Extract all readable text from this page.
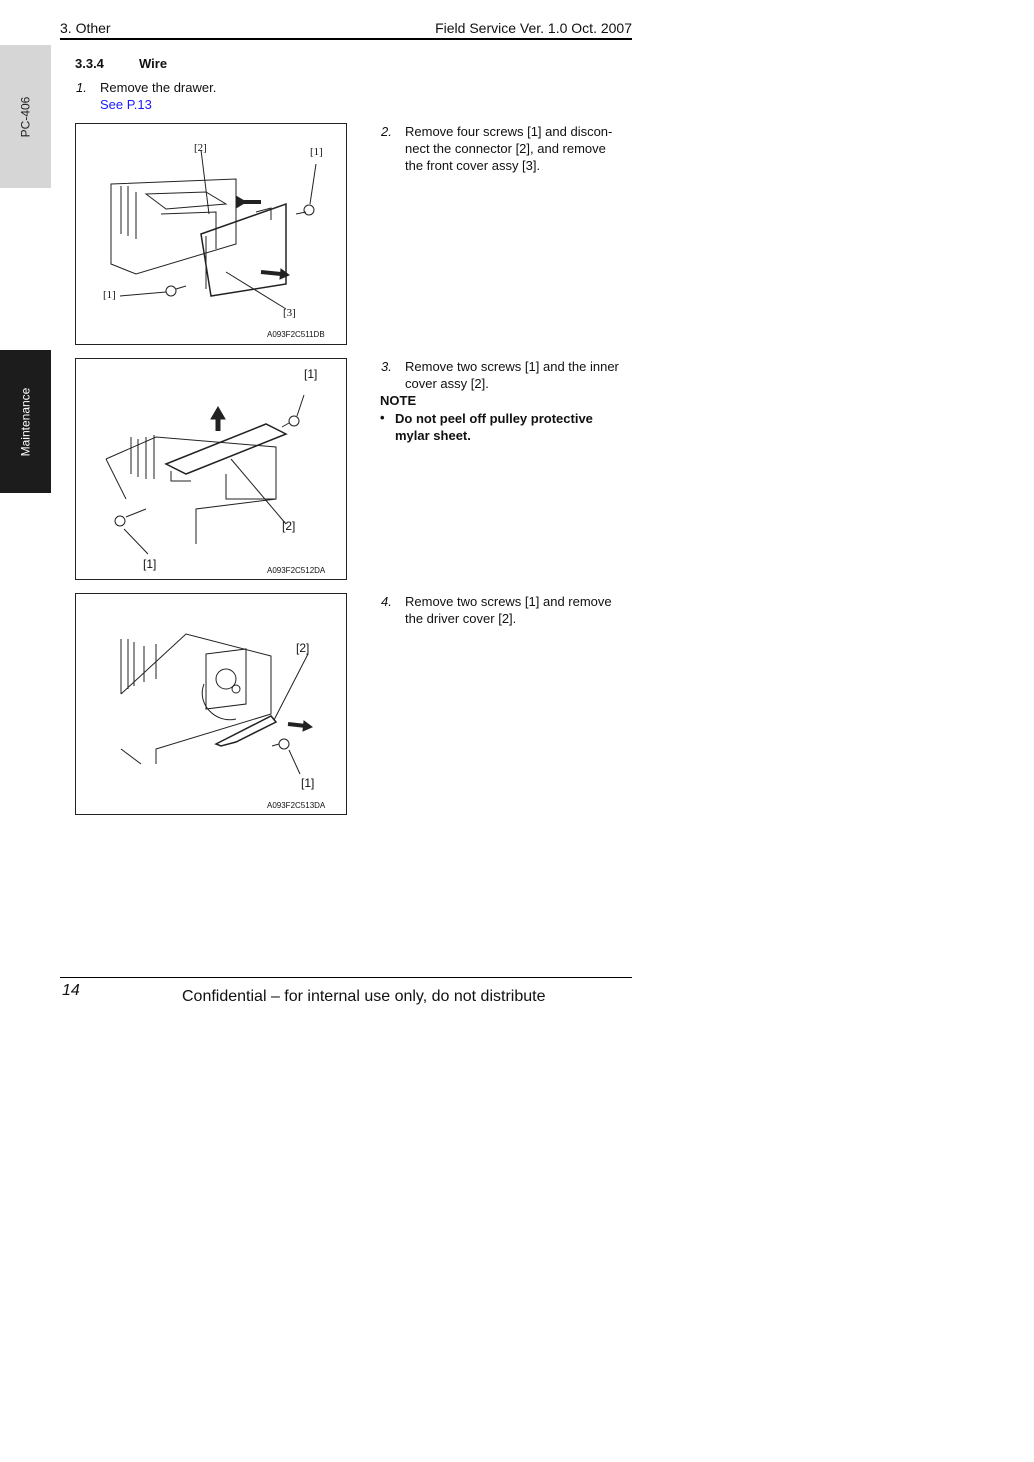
3. Other	Field Service Ver. 1.0 Oct. 2007
PC-406
Maintenance
3.3.4	Wire
1. Remove the drawer.
See P.13
[2]	[1]
[1]
[3]
A093F2C511DB
2. Remove four screws [1] and discon-
nect the connector [2], and remove
the front cover assy [3].
[1]
[2]
[1]	A093F2C512DA
3. Remove two screws [1] and the inner
cover assy [2].
NOTE
• Do not peel off pulley protective
mylar sheet.
[2]
[1]
A093F2C513DA
4. Remove two screws [1] and remove
the driver cover [2].
14	Confidential – for internal use only, do not distribute
